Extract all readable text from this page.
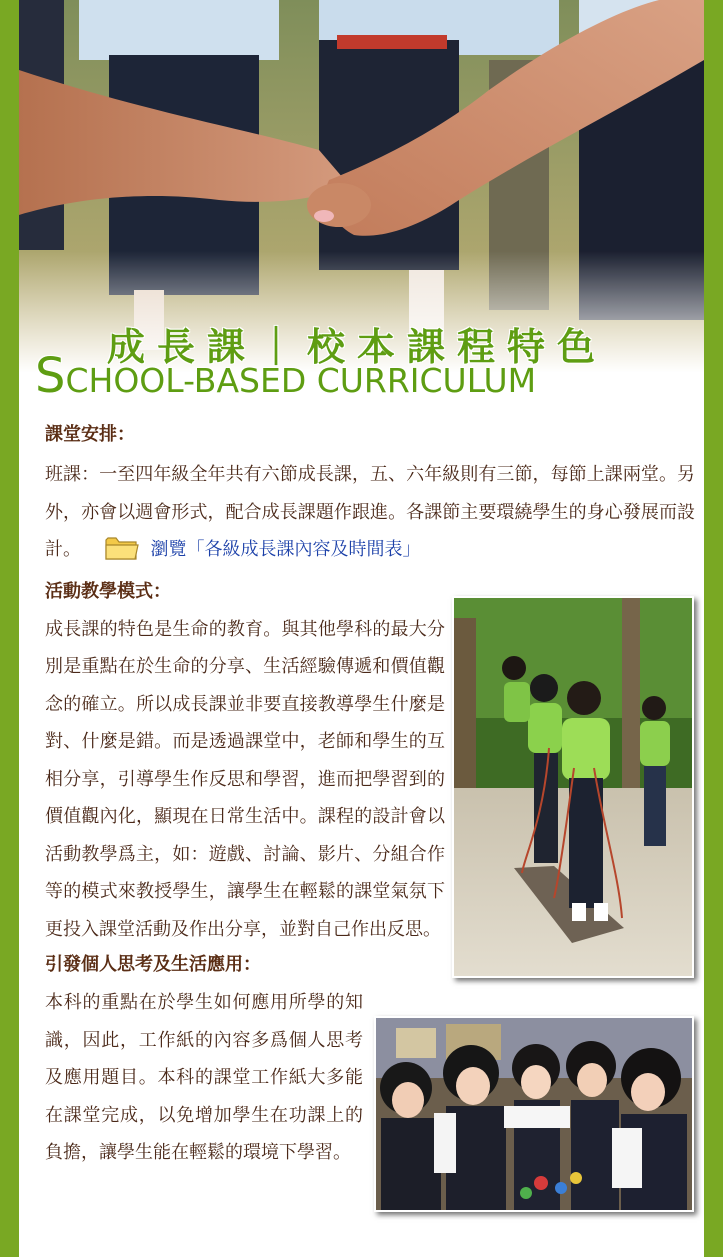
成長課｜校本課程特色
SCHOOL-BASED CURRICULUM
課堂安排：
班課：一至四年級全年共有六節成長課，五、六年級則有三節，每節上課兩堂。另外，亦會以週會形式，配合成長課題作跟進。各課節主要環繞學生的身心發展而設計。	瀏覽「各級成長課內容及時間表」
活動教學模式：
成長課的特色是生命的教育。與其他學科的最大分別是重點在於生命的分享、生活經驗傳遞和價值觀念的確立。所以成長課並非要直接教導學生什麼是對、什麼是錯。而是透過課堂中，老師和學生的互相分享，引導學生作反思和學習，進而把學習到的價值觀內化，顯現在日常生活中。課程的設計會以活動教學爲主，如：遊戲、討論、影片、分組合作等的模式來教授學生，讓學生在輕鬆的課堂氣氛下更投入課堂活動及作出分享，並對自己作出反思。
引發個人思考及生活應用：
本科的重點在於學生如何應用所學的知識，因此，工作紙的內容多爲個人思考及應用題目。本科的課堂工作紙大多能在課堂完成，以免增加學生在功課上的負擔，讓學生能在輕鬆的環境下學習。
